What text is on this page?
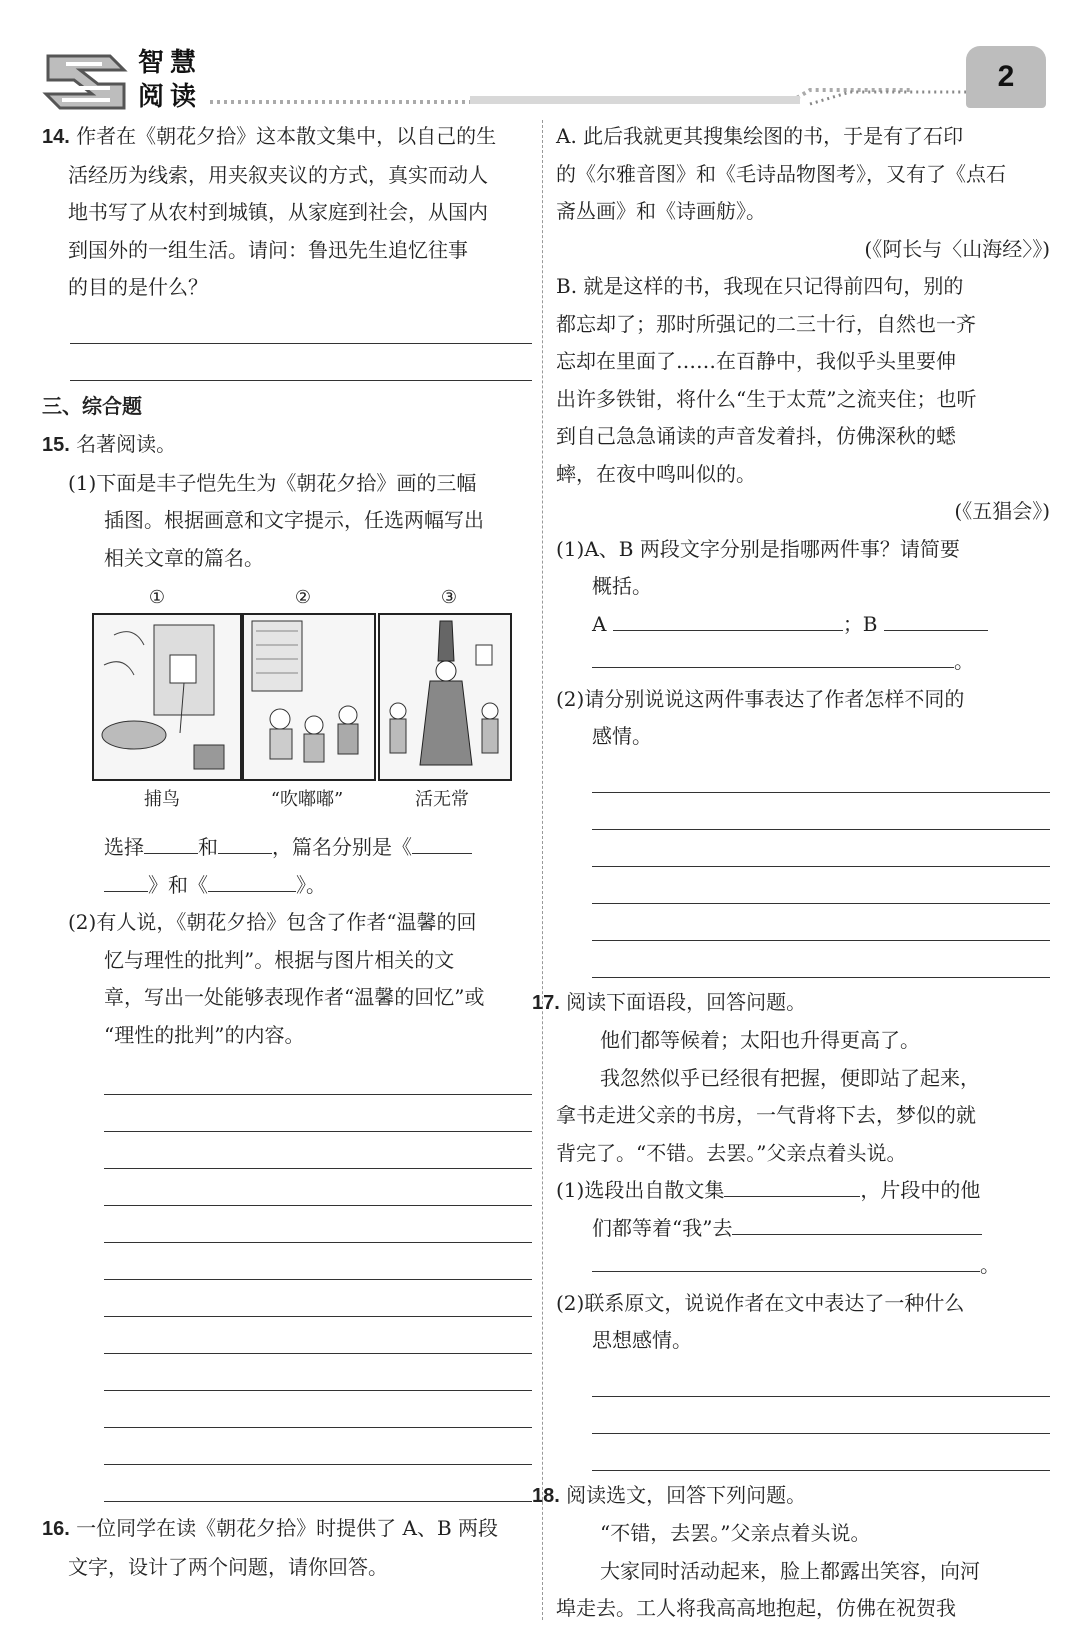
智慧阅读
2

14. 作者在《朝花夕拾》这本散文集中，以自己的生

活经历为线索，用夹叙夹议的方式，真实而动人

地书写了从农村到城镇，从家庭到社会，从国内

到国外的一组生活。请问：鲁迅先生追忆往事

的目的是什么？

三、综合题

15. 名著阅读。

(1)下面是丰子恺先生为《朝花夕拾》画的三幅

插图。根据画意和文字提示，任选两幅写出

相关文章的篇名。

①	②	③
捕鸟	“吹嘟嘟”	活无常

选择	和	，篇名分别是《

》和《	》。

(2)有人说，《朝花夕拾》包含了作者“温馨的回

忆与理性的批判”。根据与图片相关的文

章，写出一处能够表现作者“温馨的回忆”或

“理性的批判”的内容。

16. 一位同学在读《朝花夕拾》时提供了 A、B 两段

文字，设计了两个问题，请你回答。

A. 此后我就更其搜集绘图的书，于是有了石印

的《尔雅音图》和《毛诗品物图考》，又有了《点石

斋丛画》和《诗画舫》。

(《阿长与〈山海经〉》)

B. 就是这样的书，我现在只记得前四句，别的

都忘却了；那时所强记的二三十行，自然也一齐

忘却在里面了……在百静中，我似乎头里要伸

出许多铁钳，将什么“生于太荒”之流夹住；也听

到自己急急诵读的声音发着抖，仿佛深秋的蟋

蟀，在夜中鸣叫似的。

(《五猖会》)

(1)A、B 两段文字分别是指哪两件事？请简要

概括。

A	；B

。

(2)请分别说说这两件事表达了作者怎样不同的

感情。

17. 阅读下面语段，回答问题。

他们都等候着；太阳也升得更高了。

我忽然似乎已经很有把握，便即站了起来，

拿书走进父亲的书房，一气背将下去，梦似的就

背完了。“不错。去罢。”父亲点着头说。

(1)选段出自散文集	，片段中的他

们都等着“我”去

。

(2)联系原文，说说作者在文中表达了一种什么

思想感情。

18. 阅读选文，回答下列问题。

“不错，去罢。”父亲点着头说。

大家同时活动起来，脸上都露出笑容，向河

埠走去。工人将我高高地抱起，仿佛在祝贺我
